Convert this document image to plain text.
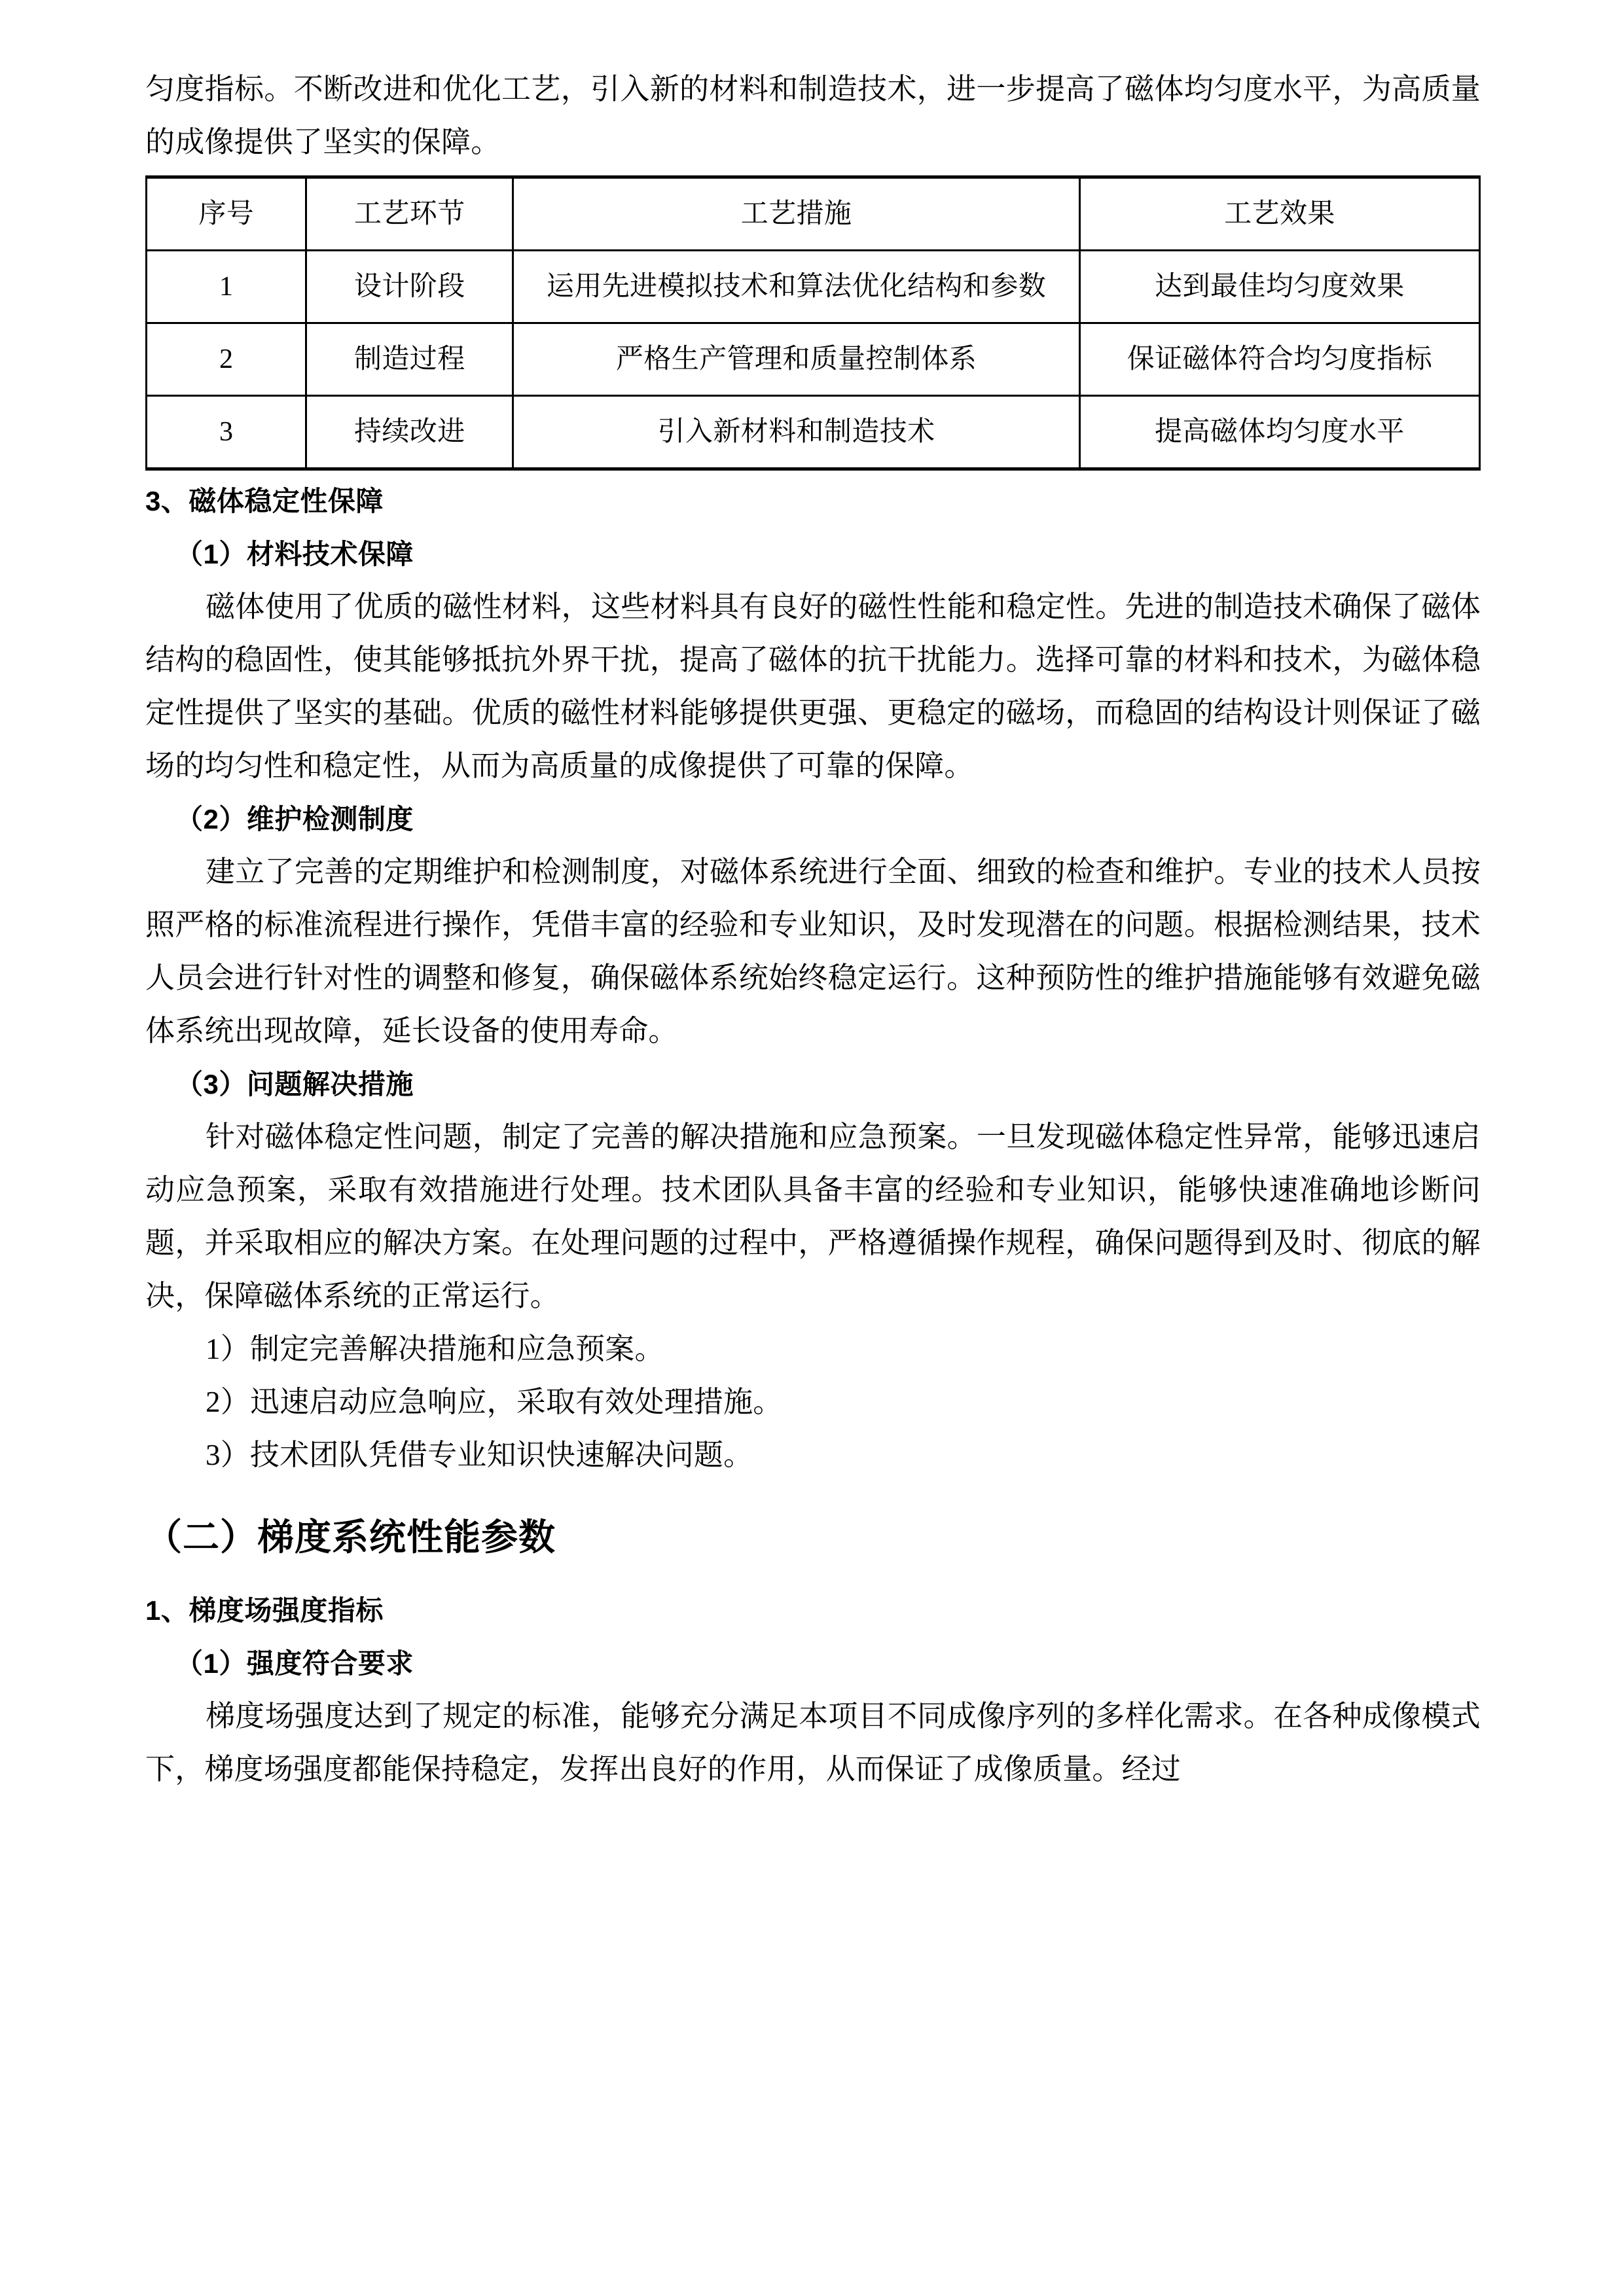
匀度指标。不断改进和优化工艺，引入新的材料和制造技术，进一步提高了磁体均匀度水平，为高质量的成像提供了坚实的保障。

序号	工艺环节	工艺措施	工艺效果
1	设计阶段	运用先进模拟技术和算法优化结构和参数	达到最佳均匀度效果
2	制造过程	严格生产管理和质量控制体系	保证磁体符合均匀度指标
3	持续改进	引入新材料和制造技术	提高磁体均匀度水平
3、磁体稳定性保障
（1）材料技术保障

磁体使用了优质的磁性材料，这些材料具有良好的磁性性能和稳定性。先进的制造技术确保了磁体结构的稳固性，使其能够抵抗外界干扰，提高了磁体的抗干扰能力。选择可靠的材料和技术，为磁体稳定性提供了坚实的基础。优质的磁性材料能够提供更强、更稳定的磁场，而稳固的结构设计则保证了磁场的均匀性和稳定性，从而为高质量的成像提供了可靠的保障。

（2）维护检测制度

建立了完善的定期维护和检测制度，对磁体系统进行全面、细致的检查和维护。专业的技术人员按照严格的标准流程进行操作，凭借丰富的经验和专业知识，及时发现潜在的问题。根据检测结果，技术人员会进行针对性的调整和修复，确保磁体系统始终稳定运行。这种预防性的维护措施能够有效避免磁体系统出现故障，延长设备的使用寿命。

（3）问题解决措施

针对磁体稳定性问题，制定了完善的解决措施和应急预案。一旦发现磁体稳定性异常，能够迅速启动应急预案，采取有效措施进行处理。技术团队具备丰富的经验和专业知识，能够快速准确地诊断问题，并采取相应的解决方案。在处理问题的过程中，严格遵循操作规程，确保问题得到及时、彻底的解决，保障磁体系统的正常运行。

1）制定完善解决措施和应急预案。
2）迅速启动应急响应，采取有效处理措施。
3）技术团队凭借专业知识快速解决问题。
（二）梯度系统性能参数
1、梯度场强度指标
（1）强度符合要求

梯度场强度达到了规定的标准，能够充分满足本项目不同成像序列的多样化需求。在各种成像模式下，梯度场强度都能保持稳定，发挥出良好的作用，从而保证了成像质量。经过
